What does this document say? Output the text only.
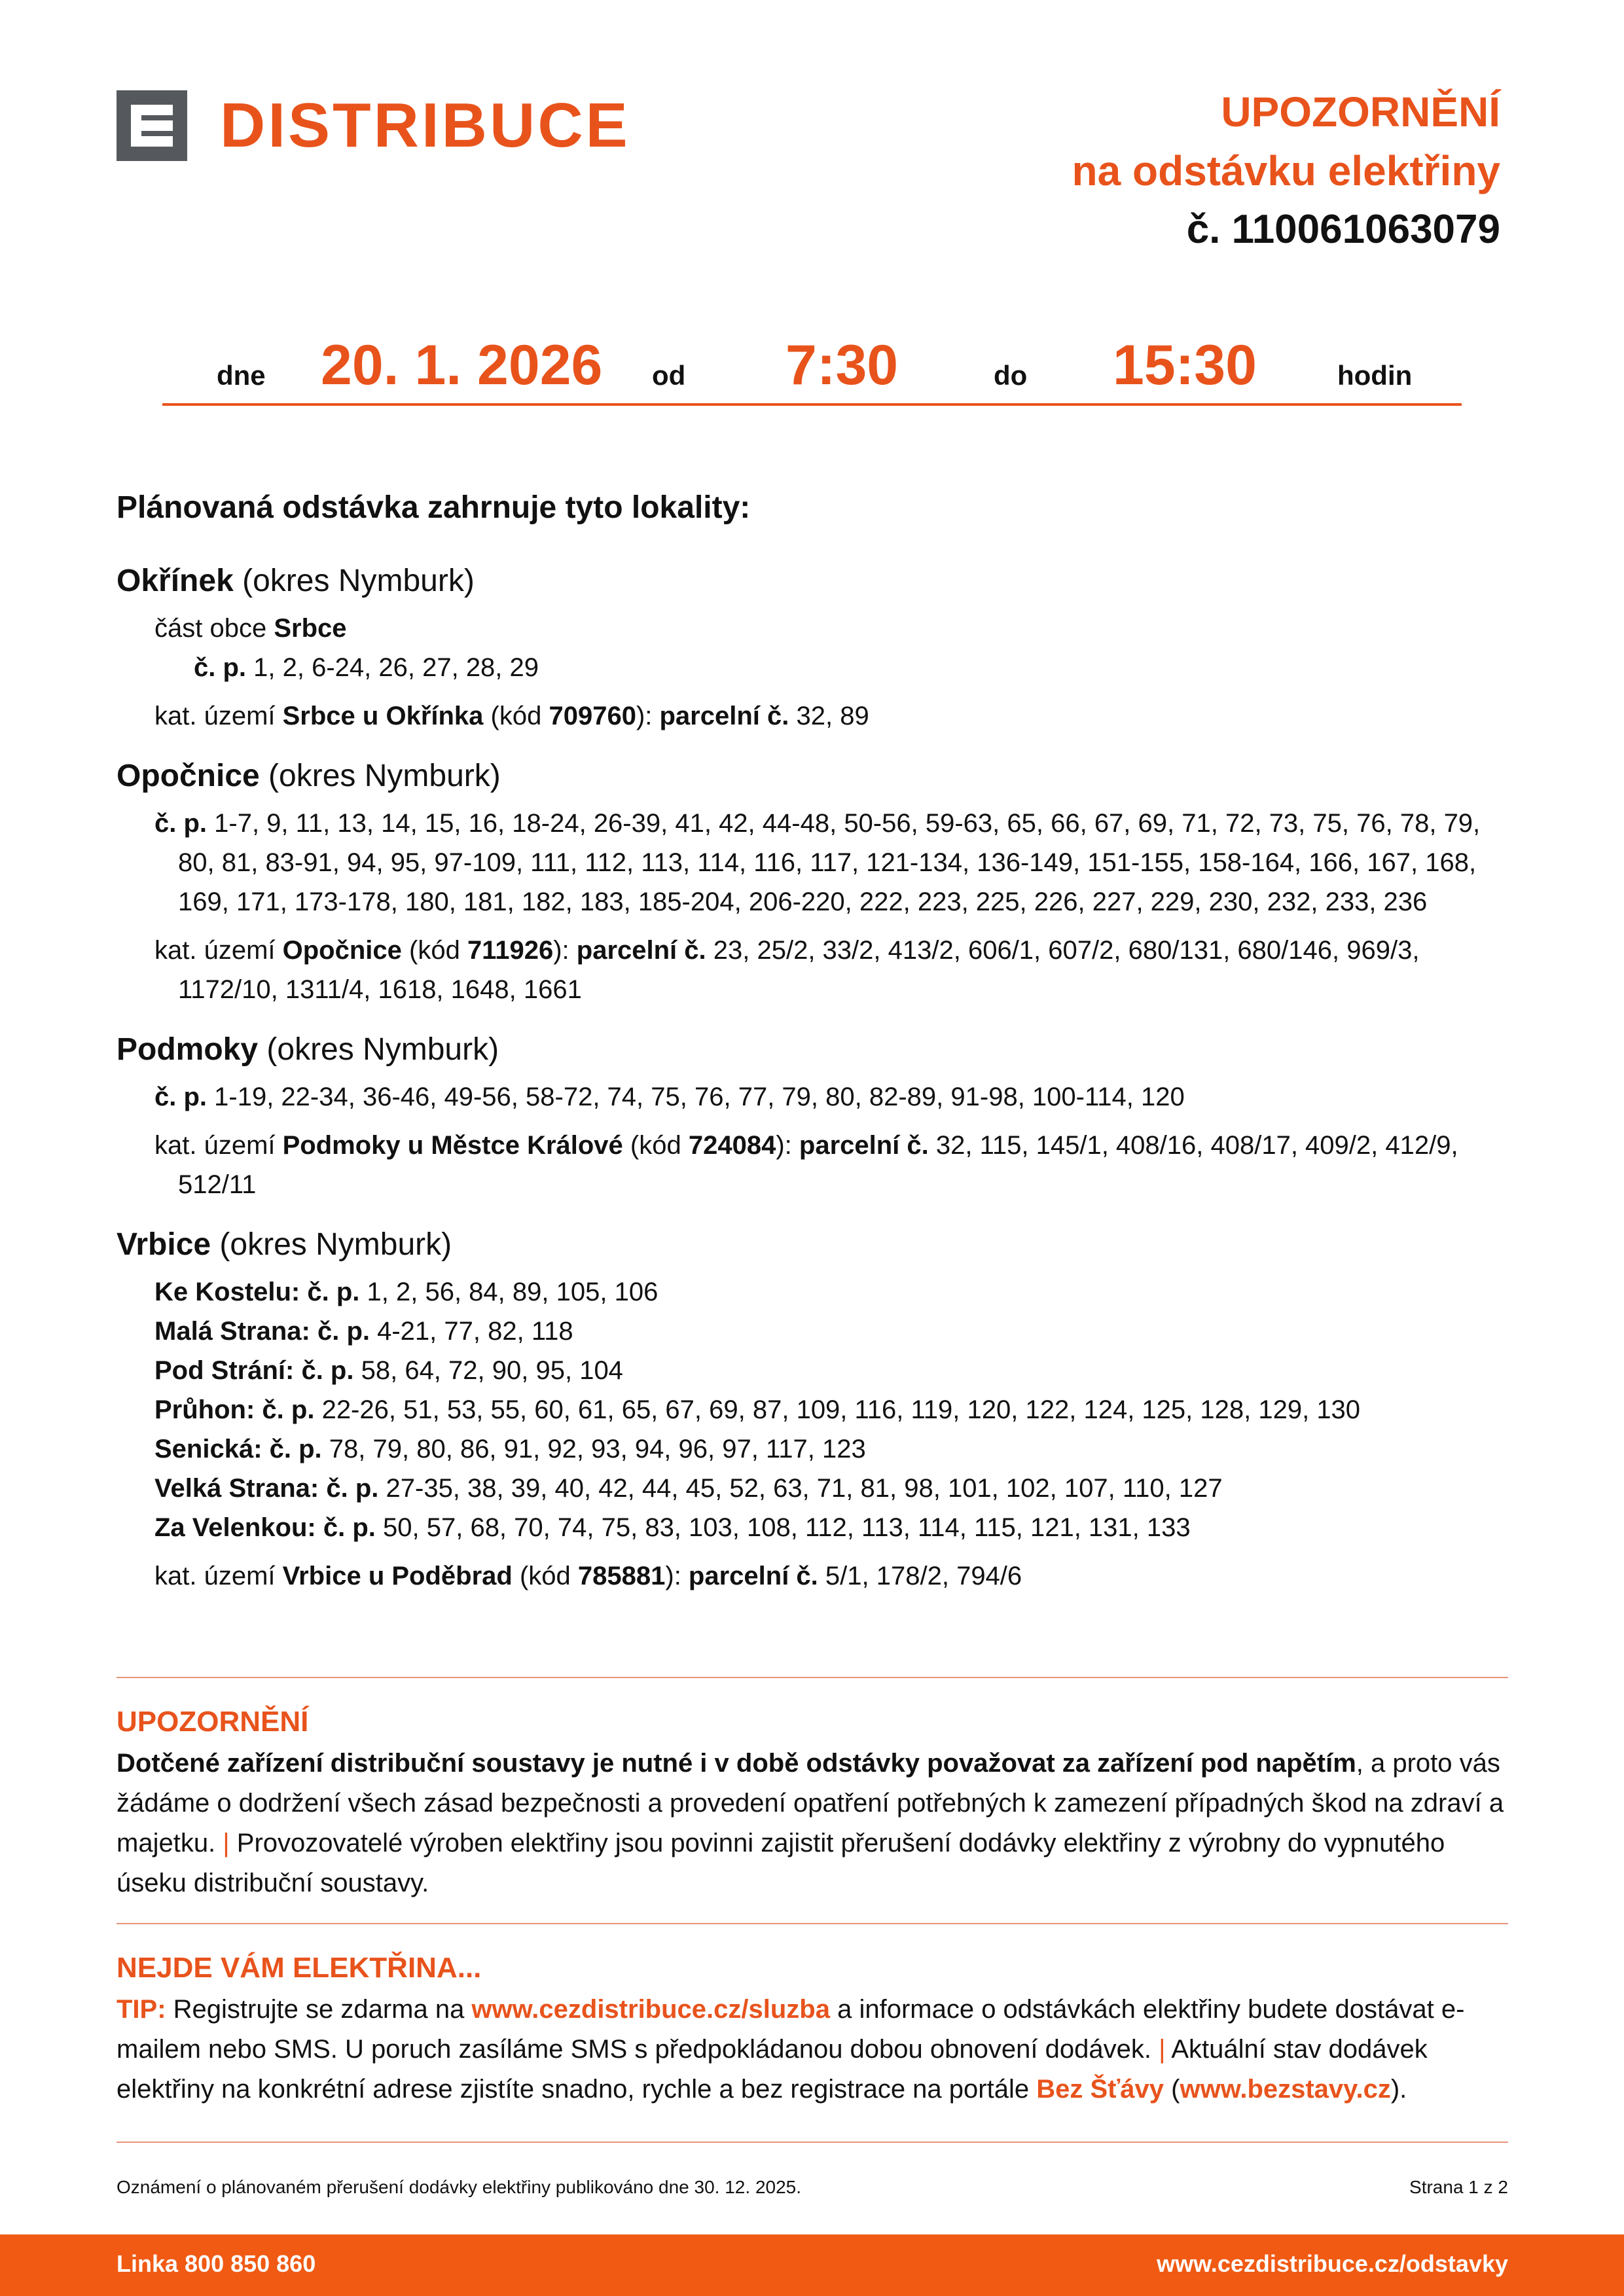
DISTRIBUCE	UPOZORNĚNÍ
na odstávku elektřiny
č. 110061063079
dne 20. 1. 2026 od 7:30	do 15:30	hodin
Plánovaná odstávka zahrnuje tyto lokality:
Okřínek (okres Nymburk)
část obce Srbce
č. p. 1, 2, 6-24, 26, 27, 28, 29
kat. území Srbce u Okřínka (kód 709760): parcelní č. 32, 89
Opočnice (okres Nymburk)
č. p. 1-7, 9, 11, 13, 14, 15, 16, 18-24, 26-39, 41, 42, 44-48, 50-56, 59-63, 65, 66, 67, 69, 71, 72, 73, 75, 76, 78, 79, 80, 81, 83-91, 94, 95, 97-109, 111, 112, 113, 114, 116, 117, 121-134, 136-149, 151-155, 158-164, 166, 167, 168, 169, 171, 173-178, 180, 181, 182, 183, 185-204, 206-220, 222, 223, 225, 226, 227, 229, 230, 232, 233, 236
kat. území Opočnice (kód 711926): parcelní č. 23, 25/2, 33/2, 413/2, 606/1, 607/2, 680/131, 680/146, 969/3, 1172/10, 1311/4, 1618, 1648, 1661
Podmoky (okres Nymburk)
č. p. 1-19, 22-34, 36-46, 49-56, 58-72, 74, 75, 76, 77, 79, 80, 82-89, 91-98, 100-114, 120
kat. území Podmoky u Městce Králové (kód 724084): parcelní č. 32, 115, 145/1, 408/16, 408/17, 409/2, 412/9, 512/11
Vrbice (okres Nymburk)
Ke Kostelu: č. p. 1, 2, 56, 84, 89, 105, 106
Malá Strana: č. p. 4-21, 77, 82, 118
Pod Strání: č. p. 58, 64, 72, 90, 95, 104
Průhon: č. p. 22-26, 51, 53, 55, 60, 61, 65, 67, 69, 87, 109, 116, 119, 120, 122, 124, 125, 128, 129, 130
Senická: č. p. 78, 79, 80, 86, 91, 92, 93, 94, 96, 97, 117, 123
Velká Strana: č. p. 27-35, 38, 39, 40, 42, 44, 45, 52, 63, 71, 81, 98, 101, 102, 107, 110, 127
Za Velenkou: č. p. 50, 57, 68, 70, 74, 75, 83, 103, 108, 112, 113, 114, 115, 121, 131, 133
kat. území Vrbice u Poděbrad (kód 785881): parcelní č. 5/1, 178/2, 794/6
UPOZORNĚNÍ

Dotčené zařízení distribuční soustavy je nutné i v době odstávky považovat za zařízení pod napětím, a proto vás žádáme o dodržení všech zásad bezpečnosti a provedení opatření potřebných k zamezení případných škod na zdraví a majetku. | Provozovatelé výroben elektřiny jsou povinni zajistit přerušení dodávky elektřiny z výrobny do vypnutého úseku distribuční soustavy.

NEJDE VÁM ELEKTŘINA...

TIP: Registrujte se zdarma na www.cezdistribuce.cz/sluzba a informace o odstávkách elektřiny budete dostávat e-mailem nebo SMS. U poruch zasíláme SMS s předpokládanou dobou obnovení dodávek. | Aktuální stav dodávek elektřiny na konkrétní adrese zjistíte snadno, rychle a bez registrace na portále Bez Šťávy (www.bezstavy.cz).

Oznámení o plánovaném přerušení dodávky elektřiny publikováno dne 30. 12. 2025.	Strana 1 z 2
Linka 800 850 860	www.cezdistribuce.cz/odstavky
